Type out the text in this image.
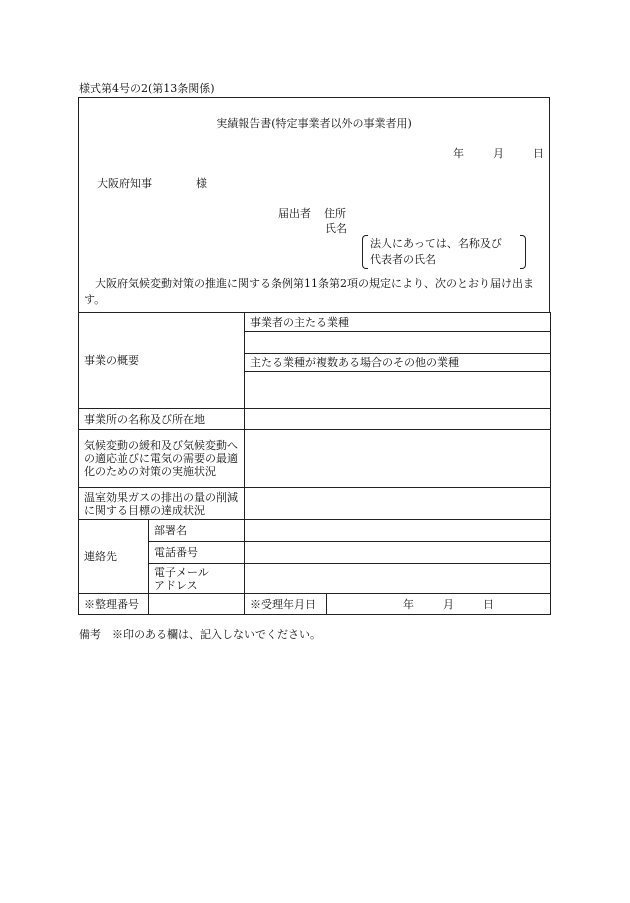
様式第4号の2(第13条関係)
実績報告書(特定事業者以外の事業者用)
年	月	日
大阪府知事	様
届出者 住所
氏名
法人にあっては、名称及び
代表者の氏名
大阪府気候変動対策の推進に関する条例第11条第2項の規定により、次のとおり届け出ます。
事業の概要		事業者の主たる業種	

		主たる業種が複数ある場合のその他の業種	

事業所の名称及び所在地			
気候変動の緩和及び気候変動への適応並びに電気の需要の最適化のための対策の実施状況			
温室効果ガスの排出の量の削減に関する目標の達成状況			
連絡先	部署名		
	電話番号		

	電子メール
アドレス		

※整理番号		※受理年月日	年 月 日
備考　※印のある欄は、記入しないでください。
